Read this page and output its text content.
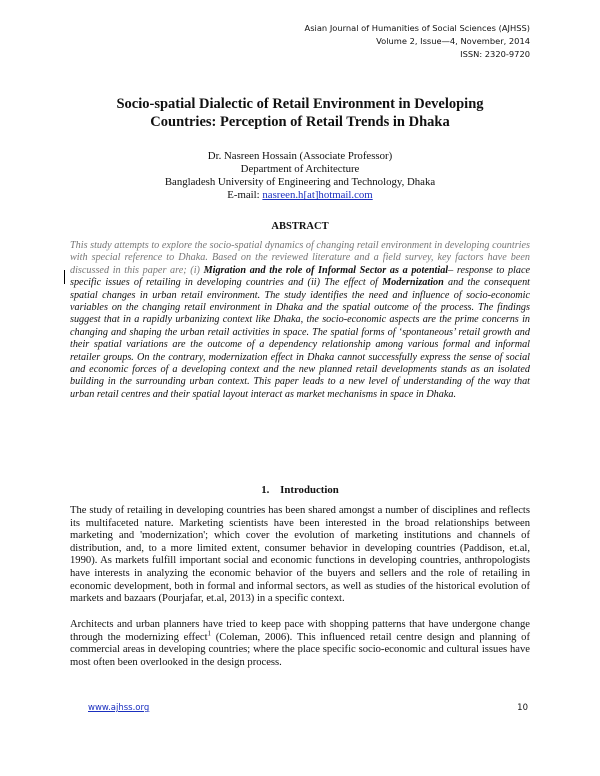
Asian Journal of Humanities of Social Sciences (AJHSS)
Volume 2, Issue—4, November, 2014
ISSN: 2320-9720
Socio-spatial Dialectic of Retail Environment in Developing
Countries: Perception of Retail Trends in Dhaka
Dr. Nasreen Hossain (Associate Professor)
Department of Architecture
Bangladesh University of Engineering and Technology, Dhaka
E-mail: nasreen.h[at]hotmail.com
ABSTRACT
This study attempts to explore the socio-spatial dynamics of changing retail environment in developing countries with special reference to Dhaka. Based on the reviewed literature and a field survey, key factors have been discussed in this paper are; (i) Migration and the role of Informal Sector as a potential– response to place specific issues of retailing in developing countries and (ii) The effect of Modernization and the consequent spatial changes in urban retail environment. The study identifies the need and influence of socio-economic variables on the changing retail environment in Dhaka and the spatial outcome of the process. The findings suggest that in a rapidly urbanizing context like Dhaka, the socio-economic aspects are the prime concerns in changing and shaping the urban retail activities in space. The spatial forms of ‘spontaneous’ retail growth and their spatial variations are the outcome of a dependency relationship among various formal and informal retailer groups. On the contrary, modernization effect in Dhaka cannot successfully express the sense of social and economic forces of a developing context and the new planned retail developments stands as an isolated building in the surrounding urban context. This paper leads to a new level of understanding of the way that urban retail centres and their spatial layout interact as market mechanisms in space in Dhaka.
1. Introduction
The study of retailing in developing countries has been shared amongst a number of disciplines and reflects its multifaceted nature. Marketing scientists have been interested in the broad relationships between marketing and 'modernization'; which cover the evolution of marketing institutions and channels of distribution, and, to a more limited extent, consumer behavior in developing countries (Paddison, et.al, 1990). As markets fulfill important social and economic functions in developing countries, anthropologists have interests in analyzing the economic behavior of the buyers and sellers and the role of retailing in economic development, both in formal and informal sectors, as well as studies of the historical evolution of markets and bazaars (Pourjafar, et.al, 2013) in a specific context.
Architects and urban planners have tried to keep pace with shopping patterns that have undergone change through the modernizing effect$^1$ (Coleman, 2006). This influenced retail centre design and planning of commercial areas in developing countries; where the place specific socio-economic and cultural issues have most often been overlooked in the design process.
www.ajhss.org	10
